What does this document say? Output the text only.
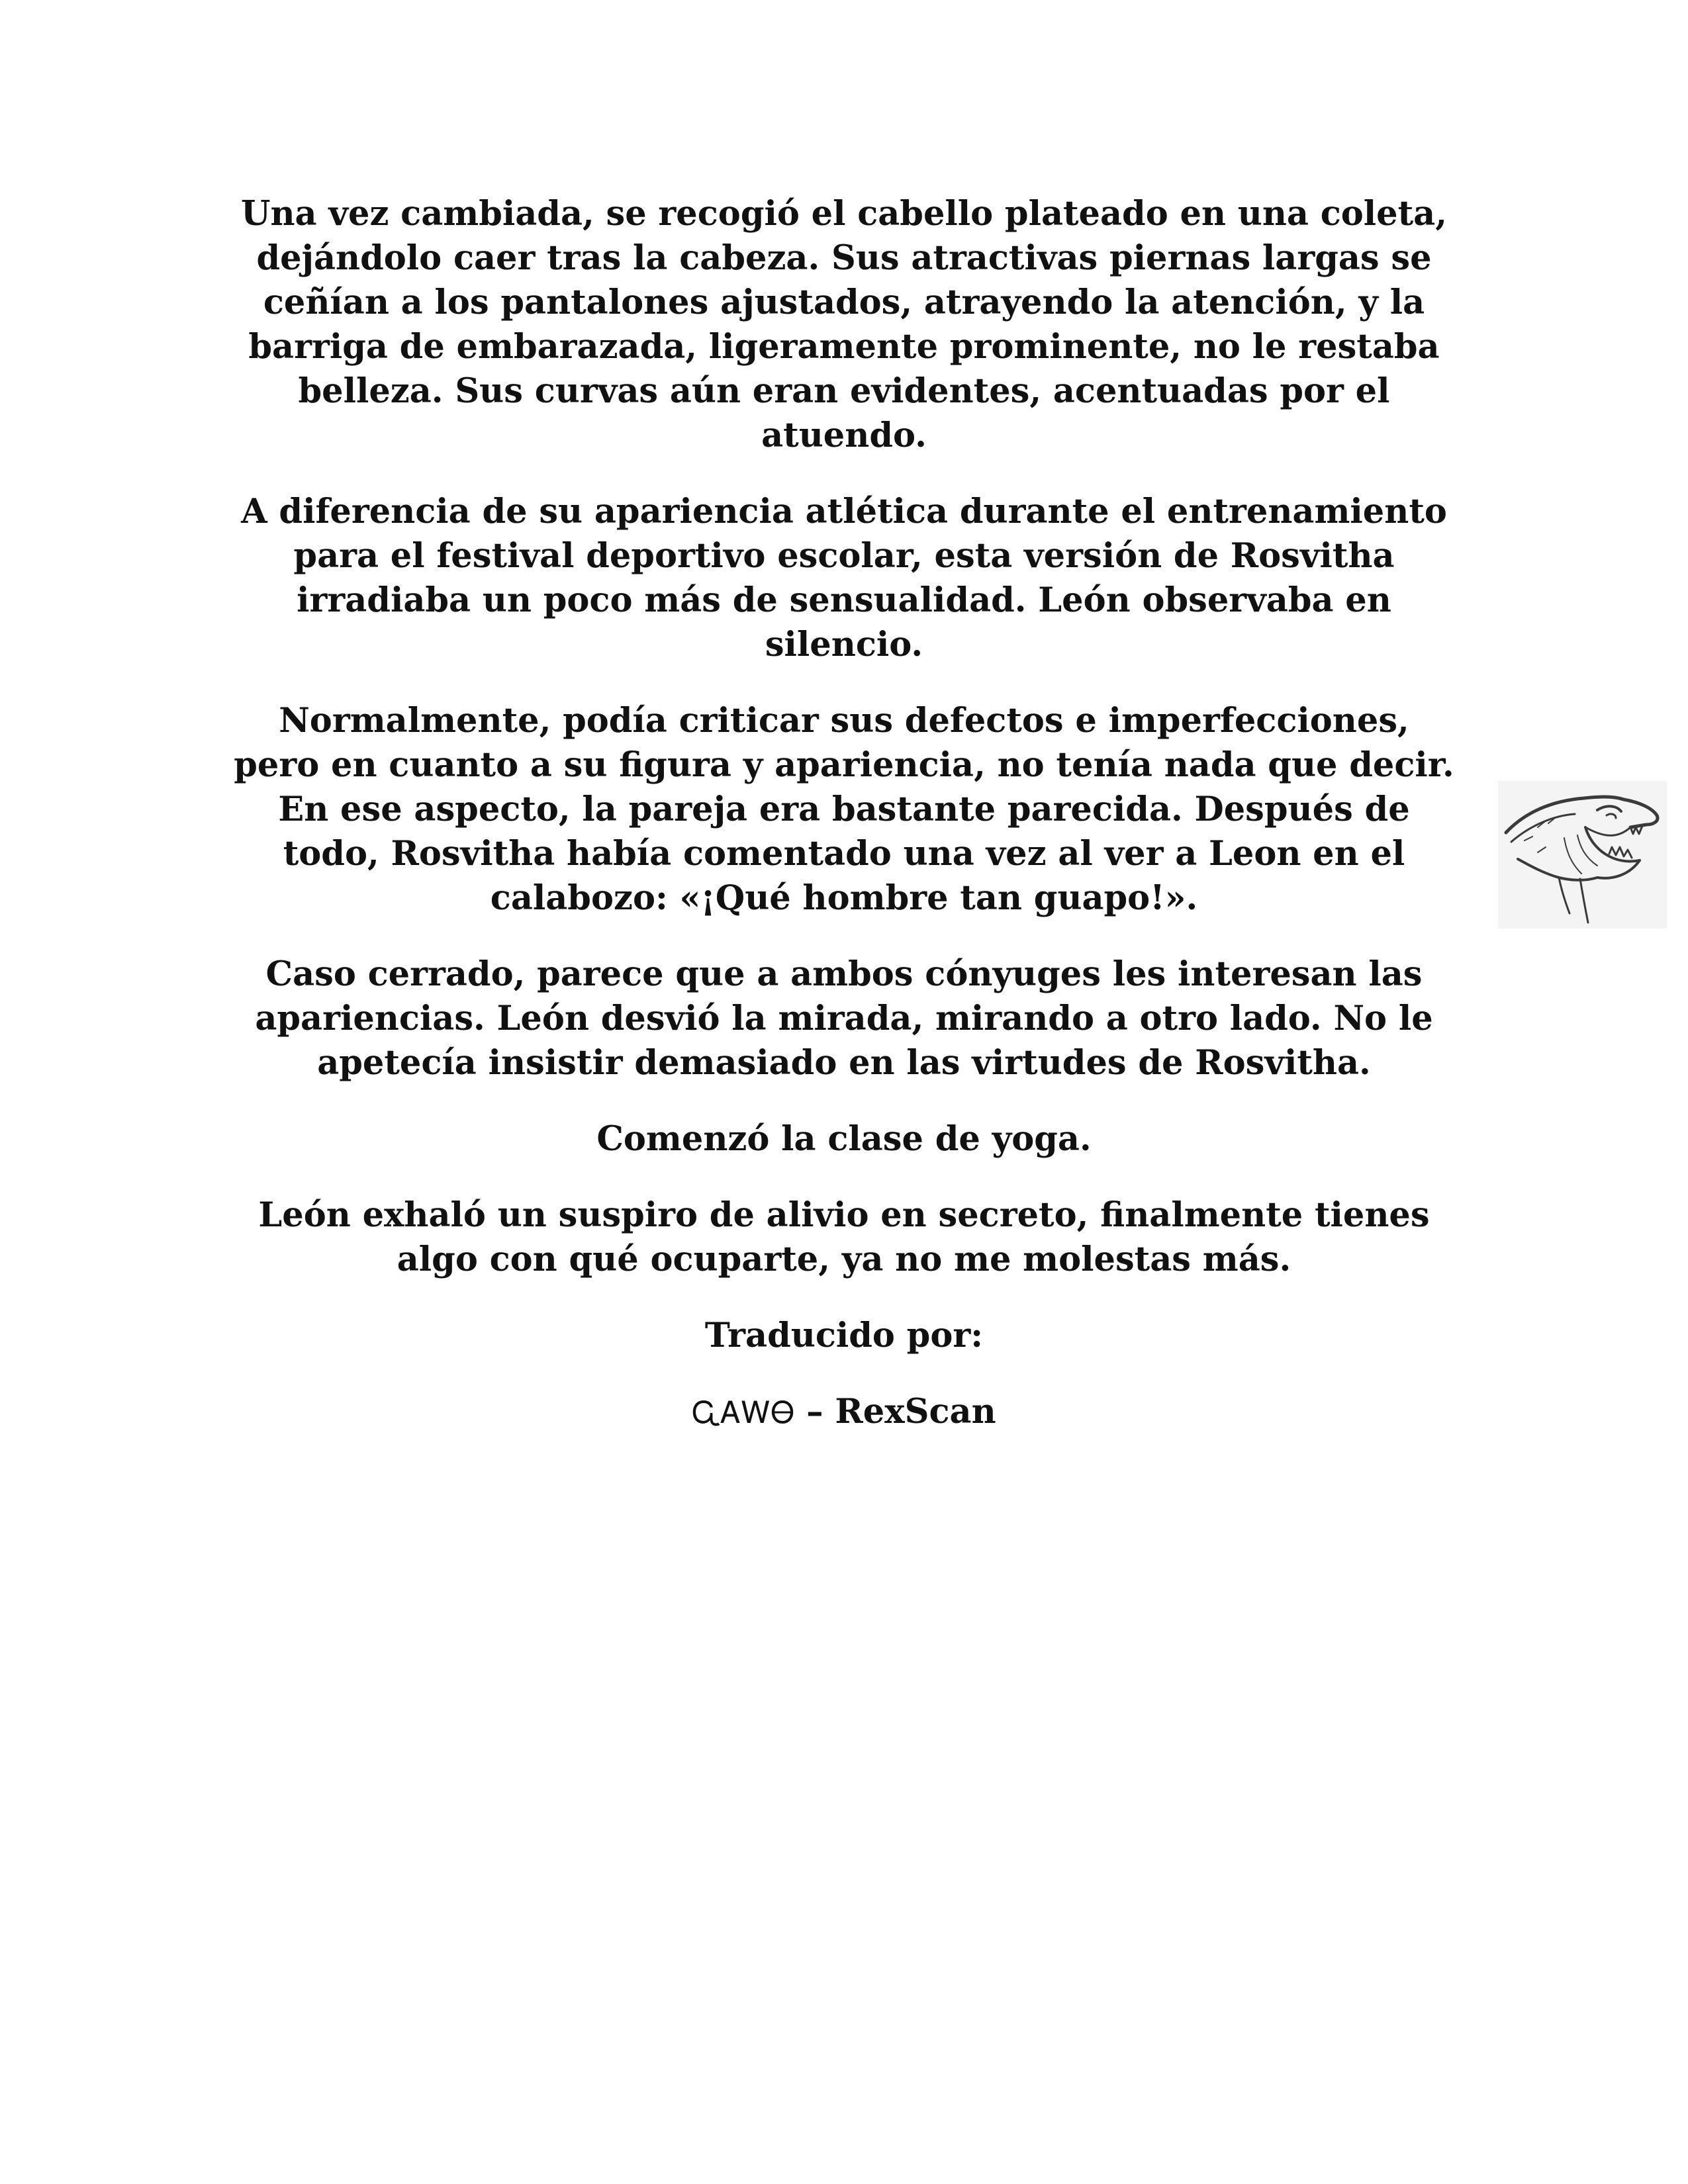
Una vez cambiada, se recogió el cabello plateado en una coleta, dejándolo caer tras la cabeza. Sus atractivas piernas largas se ceñían a los pantalones ajustados, atrayendo la atención, y la barriga de embarazada, ligeramente prominente, no le restaba belleza. Sus curvas aún eran evidentes, acentuadas por el atuendo.

A diferencia de su apariencia atlética durante el entrenamiento para el festival deportivo escolar, esta versión de Rosvitha irradiaba un poco más de sensualidad. León observaba en silencio.

Normalmente, podía criticar sus defectos e imperfecciones, pero en cuanto a su figura y apariencia, no tenía nada que decir. En ese aspecto, la pareja era bastante parecida. Después de todo, Rosvitha había comentado una vez al ver a Leon en el calabozo: «¡Qué hombre tan guapo!».

Caso cerrado, parece que a ambos cónyuges les interesan las apariencias. León desvió la mirada, mirando a otro lado. No le apetecía insistir demasiado en las virtudes de Rosvitha.

Comenzó la clase de yoga.

León exhaló un suspiro de alivio en secreto, finalmente tienes algo con qué ocuparte, ya no me molestas más.

Traducido por:

ᏩᎪᎳᎾ – RexScan
